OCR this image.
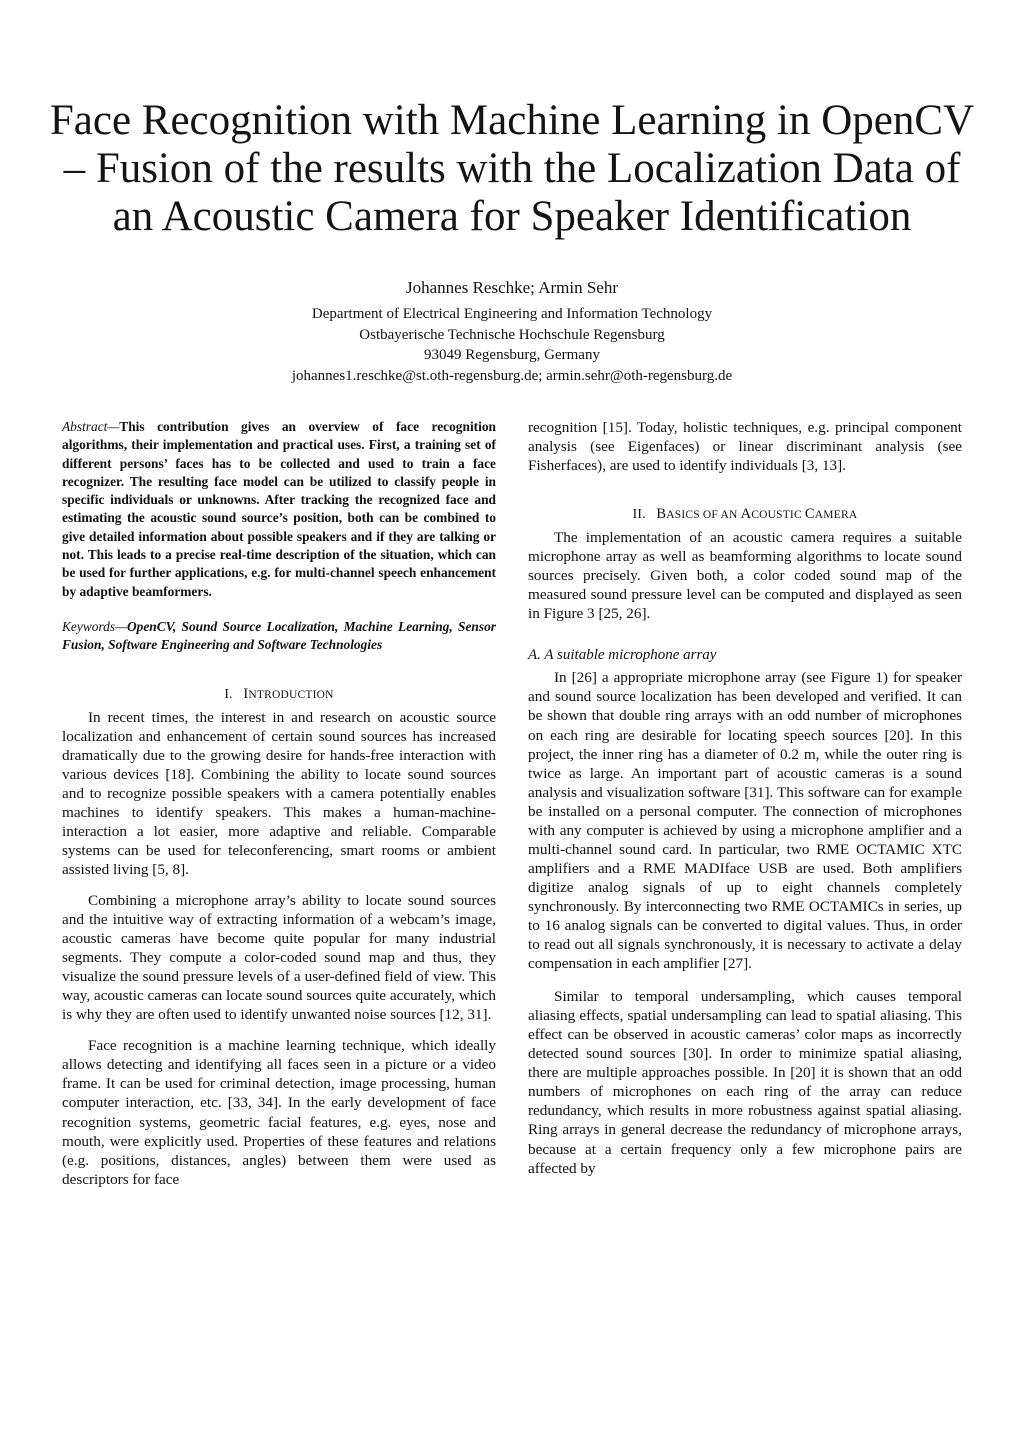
Face Recognition with Machine Learning in OpenCV
– Fusion of the results with the Localization Data of
an Acoustic Camera for Speaker Identification

Johannes Reschke; Armin Sehr

Department of Electrical Engineering and Information Technology

Ostbayerische Technische Hochschule Regensburg

93049 Regensburg, Germany

johannes1.reschke@st.oth-regensburg.de; armin.sehr@oth-regensburg.de

Abstract—This contribution gives an overview of face recognition algorithms, their implementation and practical uses. First, a training set of different persons’ faces has to be collected and used to train a face recognizer. The resulting face model can be utilized to classify people in specific individuals or unknowns. After tracking the recognized face and estimating the acoustic sound source’s position, both can be combined to give detailed information about possible speakers and if they are talking or not. This leads to a precise real-time description of the situation, which can be used for further applications, e.g. for multi-channel speech enhancement by adaptive beamformers.

Keywords—OpenCV, Sound Source Localization, Machine Learning, Sensor Fusion, Software Engineering and Software Technologies

I. INTRODUCTION

In recent times, the interest in and research on acoustic source localization and enhancement of certain sound sources has increased dramatically due to the growing desire for hands-free interaction with various devices [18]. Combining the ability to locate sound sources and to recognize possible speakers with a camera potentially enables machines to identify speakers. This makes a human-machine-interaction a lot easier, more adaptive and reliable. Comparable systems can be used for teleconferencing, smart rooms or ambient assisted living [5, 8].

Combining a microphone array’s ability to locate sound sources and the intuitive way of extracting information of a webcam’s image, acoustic cameras have become quite popular for many industrial segments. They compute a color-coded sound map and thus, they visualize the sound pressure levels of a user-defined field of view. This way, acoustic cameras can locate sound sources quite accurately, which is why they are often used to identify unwanted noise sources [12, 31].

Face recognition is a machine learning technique, which ideally allows detecting and identifying all faces seen in a picture or a video frame. It can be used for criminal detection, image processing, human computer interaction, etc. [33, 34]. In the early development of face recognition systems, geometric facial features, e.g. eyes, nose and mouth, were explicitly used. Properties of these features and relations (e.g. positions, distances, angles) between them were used as descriptors for face

recognition [15]. Today, holistic techniques, e.g. principal component analysis (see Eigenfaces) or linear discriminant analysis (see Fisherfaces), are used to identify individuals [3, 13].

II. BASICS OF AN ACOUSTIC CAMERA

The implementation of an acoustic camera requires a suitable microphone array as well as beamforming algorithms to locate sound sources precisely. Given both, a color coded sound map of the measured sound pressure level can be computed and displayed as seen in Figure 3 [25, 26].

A. A suitable microphone array

In [26] a appropriate microphone array (see Figure 1) for speaker and sound source localization has been developed and verified. It can be shown that double ring arrays with an odd number of microphones on each ring are desirable for locating speech sources [20]. In this project, the inner ring has a diameter of 0.2 m, while the outer ring is twice as large. An important part of acoustic cameras is a sound analysis and visualization software [31]. This software can for example be installed on a personal computer. The connection of microphones with any computer is achieved by using a microphone amplifier and a multi-channel sound card. In particular, two RME OCTAMIC XTC amplifiers and a RME MADIface USB are used. Both amplifiers digitize analog signals of up to eight channels completely synchronously. By interconnecting two RME OCTAMICs in series, up to 16 analog signals can be converted to digital values. Thus, in order to read out all signals synchronously, it is necessary to activate a delay compensation in each amplifier [27].

Similar to temporal undersampling, which causes temporal aliasing effects, spatial undersampling can lead to spatial aliasing. This effect can be observed in acoustic cameras’ color maps as incorrectly detected sound sources [30]. In order to minimize spatial aliasing, there are multiple approaches possible. In [20] it is shown that an odd numbers of microphones on each ring of the array can reduce redundancy, which results in more robustness against spatial aliasing. Ring arrays in general decrease the redundancy of microphone arrays, because at a certain frequency only a few microphone pairs are affected by
